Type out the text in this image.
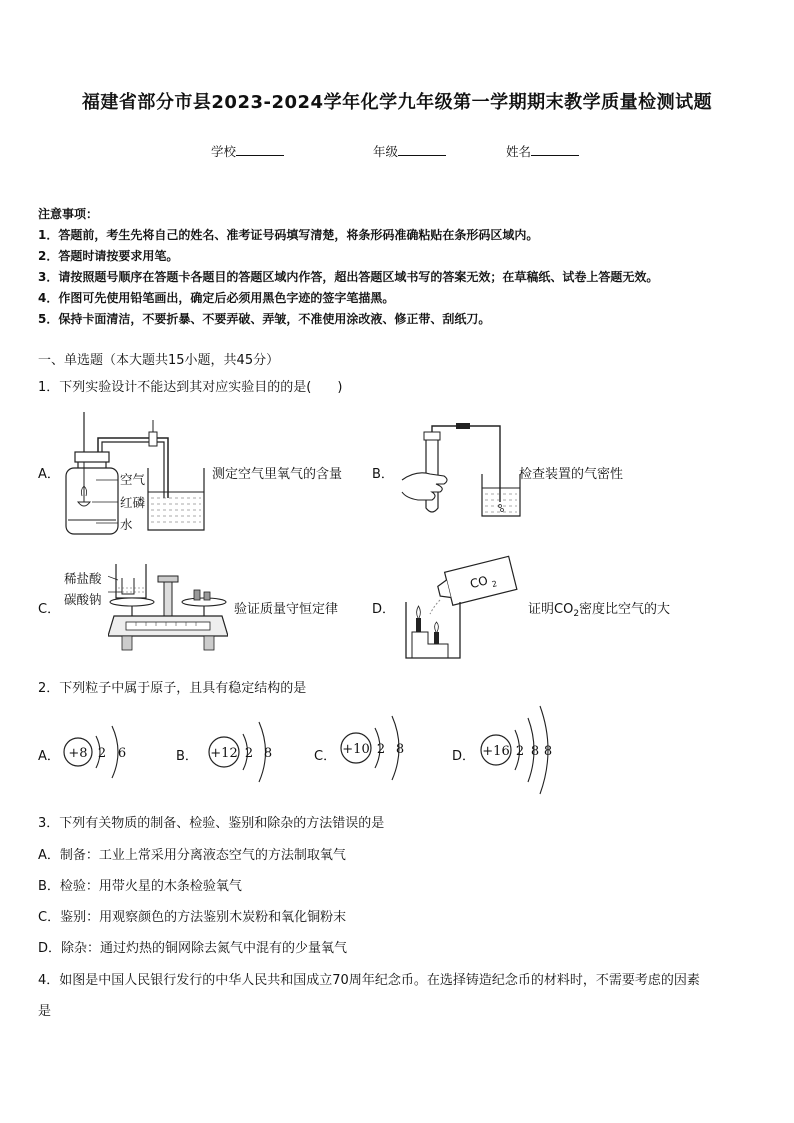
福建省部分市县2023-2024学年化学九年级第一学期期末教学质量检测试题
学校	年级	姓名
注意事项：
1．答题前，考生先将自己的姓名、准考证号码填写清楚，将条形码准确粘贴在条形码区域内。
2．答题时请按要求用笔。
3．请按照题号顺序在答题卡各题目的答题区域内作答，超出答题区域书写的答案无效；在草稿纸、试卷上答题无效。
4．作图可先使用铅笔画出，确定后必须用黑色字迹的签字笔描黑。
5．保持卡面清洁，不要折暴、不要弄破、弄皱，不准使用涂改液、修正带、刮纸刀。
一、单选题（本大题共15小题，共45分）
1．下列实验设计不能达到其对应实验目的的是(　　)
A．	空气
红磷
水
测定空气里氧气的含量 B．	检查装置的气密性
C．
稀盐酸
碳酸钠
验证质量守恒定律	D．
CO 2
证明$CO_2$密度比空气的大
2．下列粒子中属于原子，且具有稳定结构的是
A． +8 2 6	B． +12 2 8	C． +10 2 8	D． +16 2 8 8
3．下列有关物质的制备、检验、鉴别和除杂的方法错误的是
A．制备：工业上常采用分离液态空气的方法制取氧气
B．检验：用带火星的木条检验氧气
C．鉴别：用观察颜色的方法鉴别木炭粉和氧化铜粉末
D．除杂：通过灼热的铜网除去氮气中混有的少量氧气
4．如图是中国人民银行发行的中华人民共和国成立70周年纪念币。在选择铸造纪念币的材料时，不需要考虑的因素
是
